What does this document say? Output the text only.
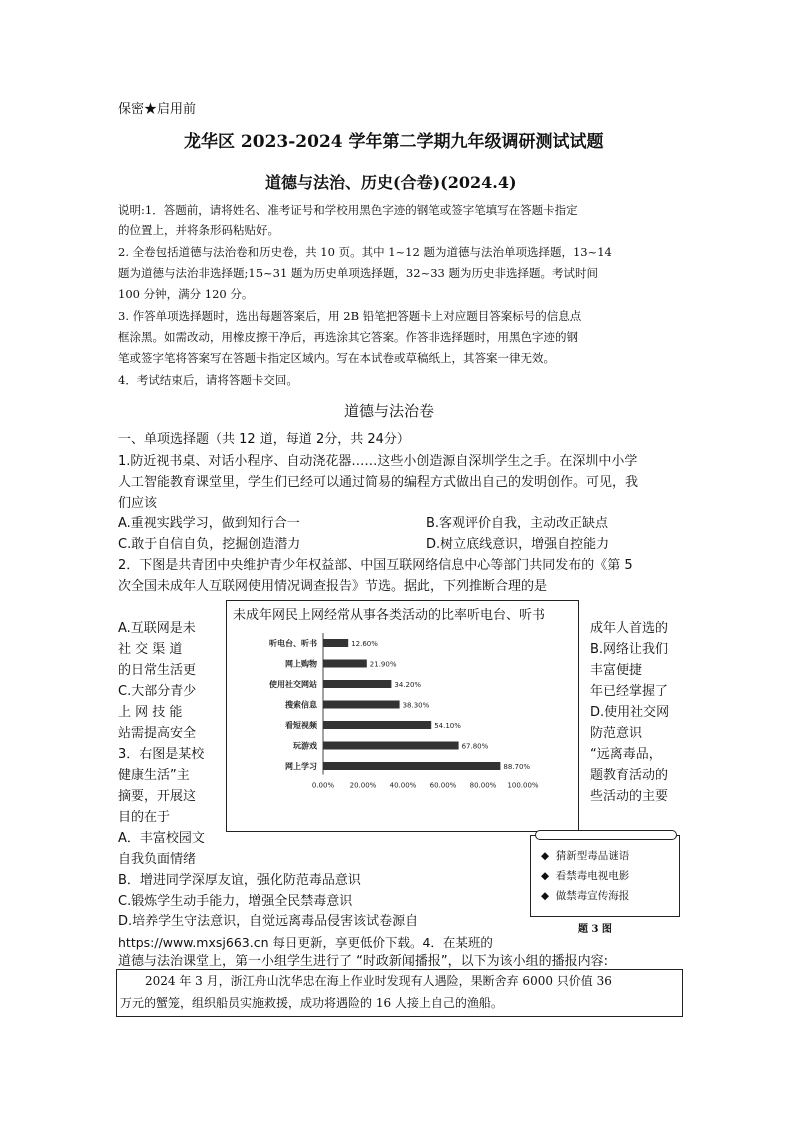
保密★启用前
龙华区 2023-2024 学年第二学期九年级调研测试试题
道德与法治、历史(合卷)(2024.4)
说明:1．答题前，请将姓名、准考证号和学校用黑色字迹的钢笔或签字笔填写在答题卡指定
的位置上，并将条形码粘贴好。
2. 全卷包括道德与法治卷和历史卷，共 10 页。其中 1~12 题为道德与法治单项选择题，13~14
题为道德与法治非选择题;15~31 题为历史单项选择题，32~33 题为历史非选择题。考试时间
100 分钟，满分 120 分。
3. 作答单项选择题时，选出每题答案后，用 2B 铅笔把答题卡上对应题目答案标号的信息点
框涂黑。如需改动，用橡皮擦干净后，再选涂其它答案。作答非选择题时，用黑色字迹的钢
笔或签字笔将答案写在答题卡指定区域内。写在本试卷或草稿纸上，其答案一律无效。
4．考试结束后，请将答题卡交回。
道德与法治卷
一、单项选择题（共 12 道，每道 2分，共 24分）
1.防近视书桌、对话小程序、自动浇花器……这些小创造源自深圳学生之手。在深圳中小学
人工智能教育课堂里，学生们已经可以通过简易的编程方式做出自己的发明创作。可见，我
们应该
A.重视实践学习，做到知行合一	B.客观评价自我，主动改正缺点
C.敢于自信自负，挖掘创造潜力	D.树立底线意识，增强自控能力
2．下图是共青团中央维护青少年权益部、中国互联网络信息中心等部门共同发布的《第 5
次全国未成年人互联网使用情况调查报告》节选。据此，下列推断合理的是
A.互联网是未
社 交 渠 道
的日常生活更
C.大部分青少
上 网 技 能
站需提高安全
成年人首选的
B.网络让我们
丰富便捷
年已经掌握了
D.使用社交网
防范意识
3．右图是某校
健康生活”主
摘要，开展这
目的在于
“远离毒品，
题教育活动的
些活动的主要
A．丰富校园文
自我负面情绪
B．增进同学深厚友谊，强化防范毒品意识
C.锻炼学生动手能力，增强全民禁毒意识
D.培养学生守法意识，自觉远离毒品侵害该试卷源自
https://www.mxsj663.cn 每日更新，享更低价下载。4．在某班的
道德与法治课堂上，第一小组学生进行了 “时政新闻播报”，以下为该小组的播报内容:
2024 年 3 月，浙江舟山沈华忠在海上作业时发现有人遇险，果断舍弃 6000 只价值 36
万元的蟹笼，组织船员实施救援，成功将遇险的 16 人接上自己的渔船。
未成年网民上网经常从事各类活动的比率听电台、听书
听电台、听书	12.60%
网上购物	21.90%
使用社交网站	34.20%
搜索信息	38.30%
看短视频	54.10%
玩游戏	67.80%
网上学习	88.70%
0.00% 20.00% 40.00% 60.00% 80.00% 100.00%
◆  猜新型毒品谜语
◆  看禁毒电视电影
◆  做禁毒宣传海报
题 3 图
